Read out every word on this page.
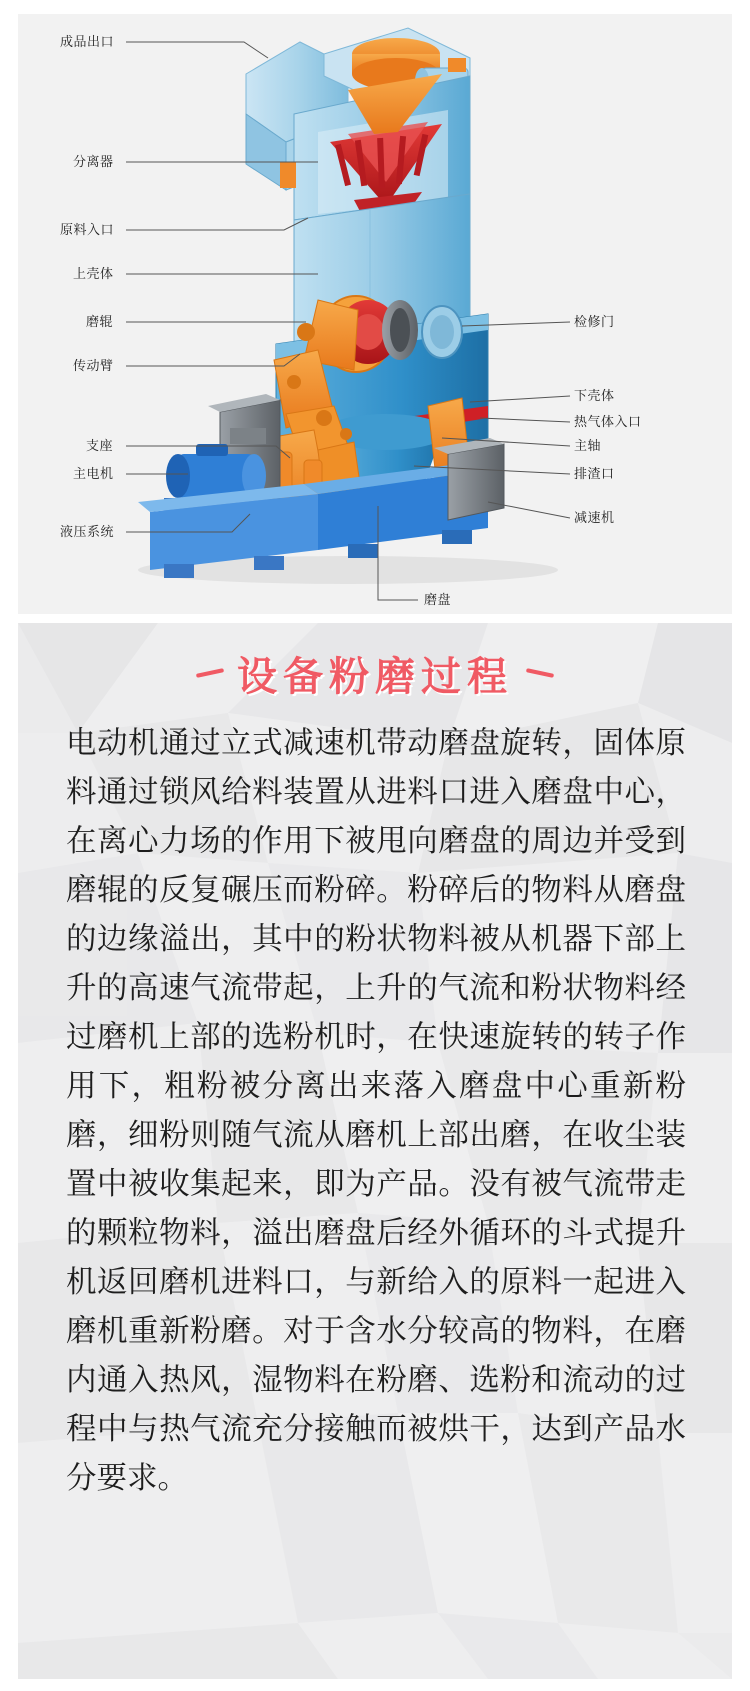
成品出口
分离器
原料入口
上壳体
磨辊
传动臂
支座
主电机
液压系统
检修门
下壳体
热气体入口
主轴
排渣口
减速机
磨盘
设备粉磨过程
电动机通过立式减速机带动磨盘旋转，固体原料通过锁风给料装置从进料口进入磨盘中心，在离心力场的作用下被甩向磨盘的周边并受到磨辊的反复碾压而粉碎。粉碎后的物料从磨盘的边缘溢出，其中的粉状物料被从机器下部上升的高速气流带起，上升的气流和粉状物料经过磨机上部的选粉机时，在快速旋转的转子作用下，粗粉被分离出来落入磨盘中心重新粉磨，细粉则随气流从磨机上部出磨，在收尘装置中被收集起来，即为产品。没有被气流带走的颗粒物料，溢出磨盘后经外循环的斗式提升机返回磨机进料口，与新给入的原料一起进入磨机重新粉磨。对于含水分较高的物料，在磨内通入热风，湿物料在粉磨、选粉和流动的过程中与热气流充分接触而被烘干，达到产品水分要求。
